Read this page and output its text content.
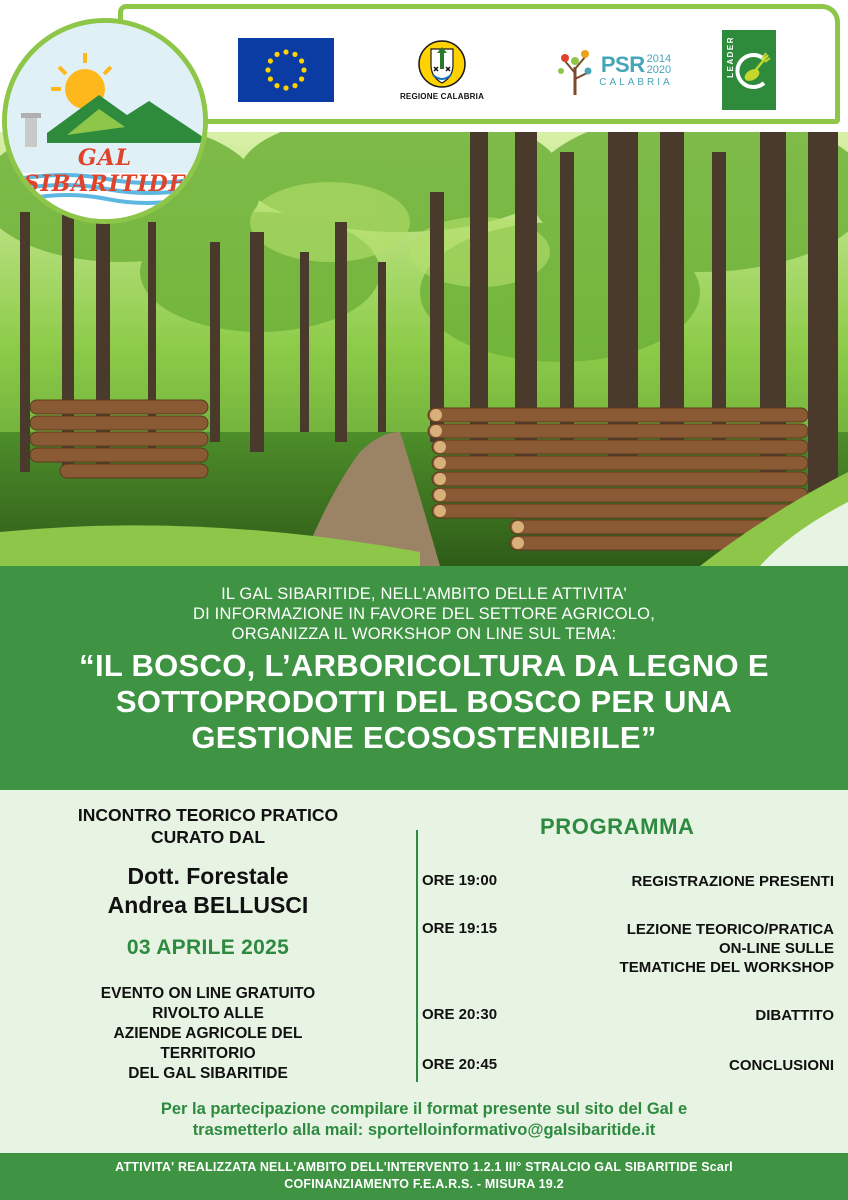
REGIONE CALABRIA
PSR 2014
2020
CALABRIA
LEADER
GAL SIBARITIDE
IL GAL SIBARITIDE, NELL'AMBITO DELLE ATTIVITA'
DI INFORMAZIONE IN FAVORE DEL SETTORE AGRICOLO,
ORGANIZZA IL WORKSHOP ON LINE SUL TEMA:
“IL BOSCO, L’ARBORICOLTURA DA LEGNO E
SOTTOPRODOTTI DEL BOSCO PER UNA
GESTIONE ECOSOSTENIBILE”
INCONTRO TEORICO PRATICO
CURATO DAL
Dott. Forestale
Andrea BELLUSCI
03 APRILE 2025
EVENTO ON LINE GRATUITO
RIVOLTO ALLE
AZIENDE AGRICOLE DEL
TERRITORIO
DEL GAL SIBARITIDE
PROGRAMMA
ORE 19:00	REGISTRAZIONE PRESENTI
ORE 19:15	LEZIONE TEORICO/PRATICA
ON-LINE SULLE
TEMATICHE DEL WORKSHOP
ORE 20:30	DIBATTITO
ORE 20:45	CONCLUSIONI
Per la partecipazione compilare il format presente sul sito del Gal e
trasmetterlo alla mail: sportelloinformativo@galsibaritide.it
ATTIVITA' REALIZZATA NELL'AMBITO DELL'INTERVENTO 1.2.1 III° STRALCIO GAL SIBARITIDE Scarl
COFINANZIAMENTO F.E.A.R.S. - MISURA 19.2
